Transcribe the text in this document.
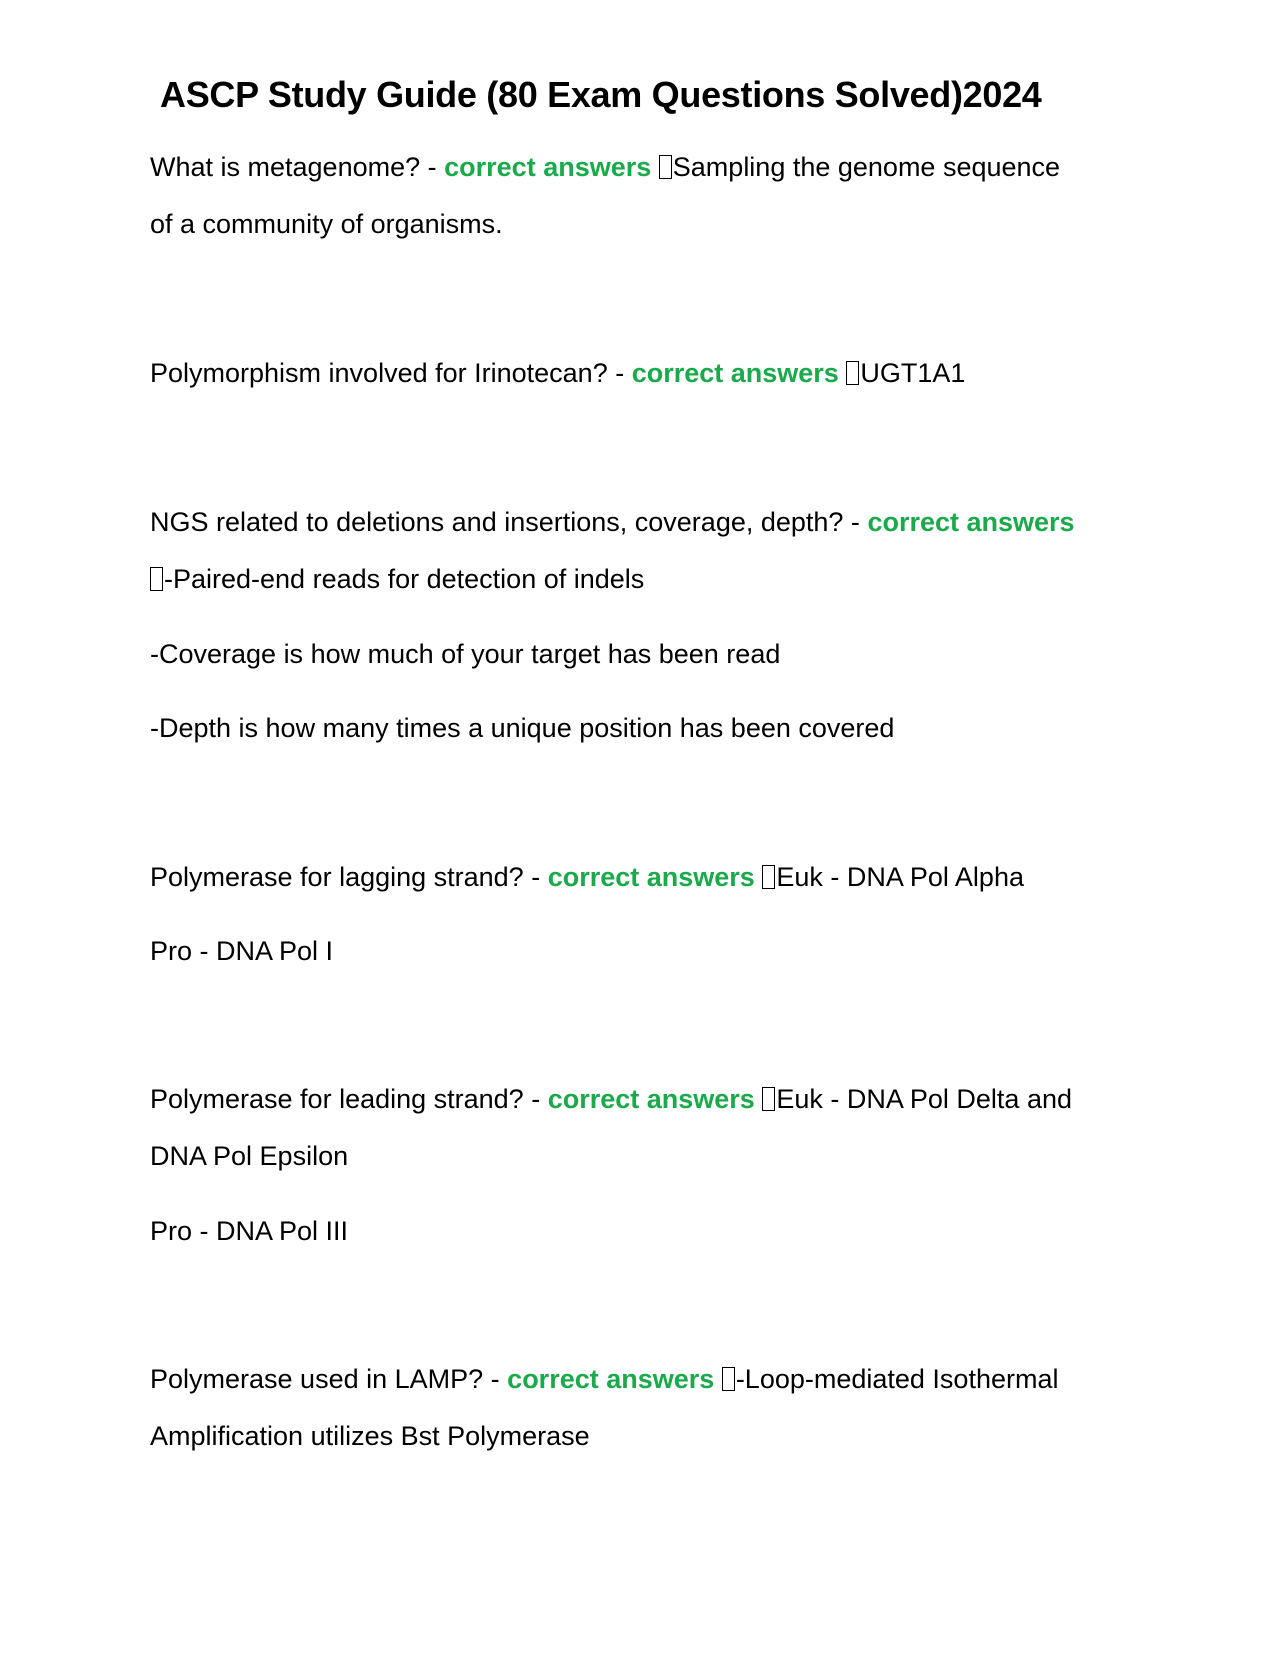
ASCP Study Guide (80 Exam Questions Solved)2024
What is metagenome? - correct answers Sampling the genome sequence
of a community of organisms.
Polymorphism involved for Irinotecan? - correct answers UGT1A1
NGS related to deletions and insertions, coverage, depth? - correct answers
-Paired-end reads for detection of indels
-Coverage is how much of your target has been read
-Depth is how many times a unique position has been covered
Polymerase for lagging strand? - correct answers Euk - DNA Pol Alpha
Pro - DNA Pol I
Polymerase for leading strand? - correct answers Euk - DNA Pol Delta and
DNA Pol Epsilon
Pro - DNA Pol III
Polymerase used in LAMP? - correct answers -Loop-mediated Isothermal
Amplification utilizes Bst Polymerase
